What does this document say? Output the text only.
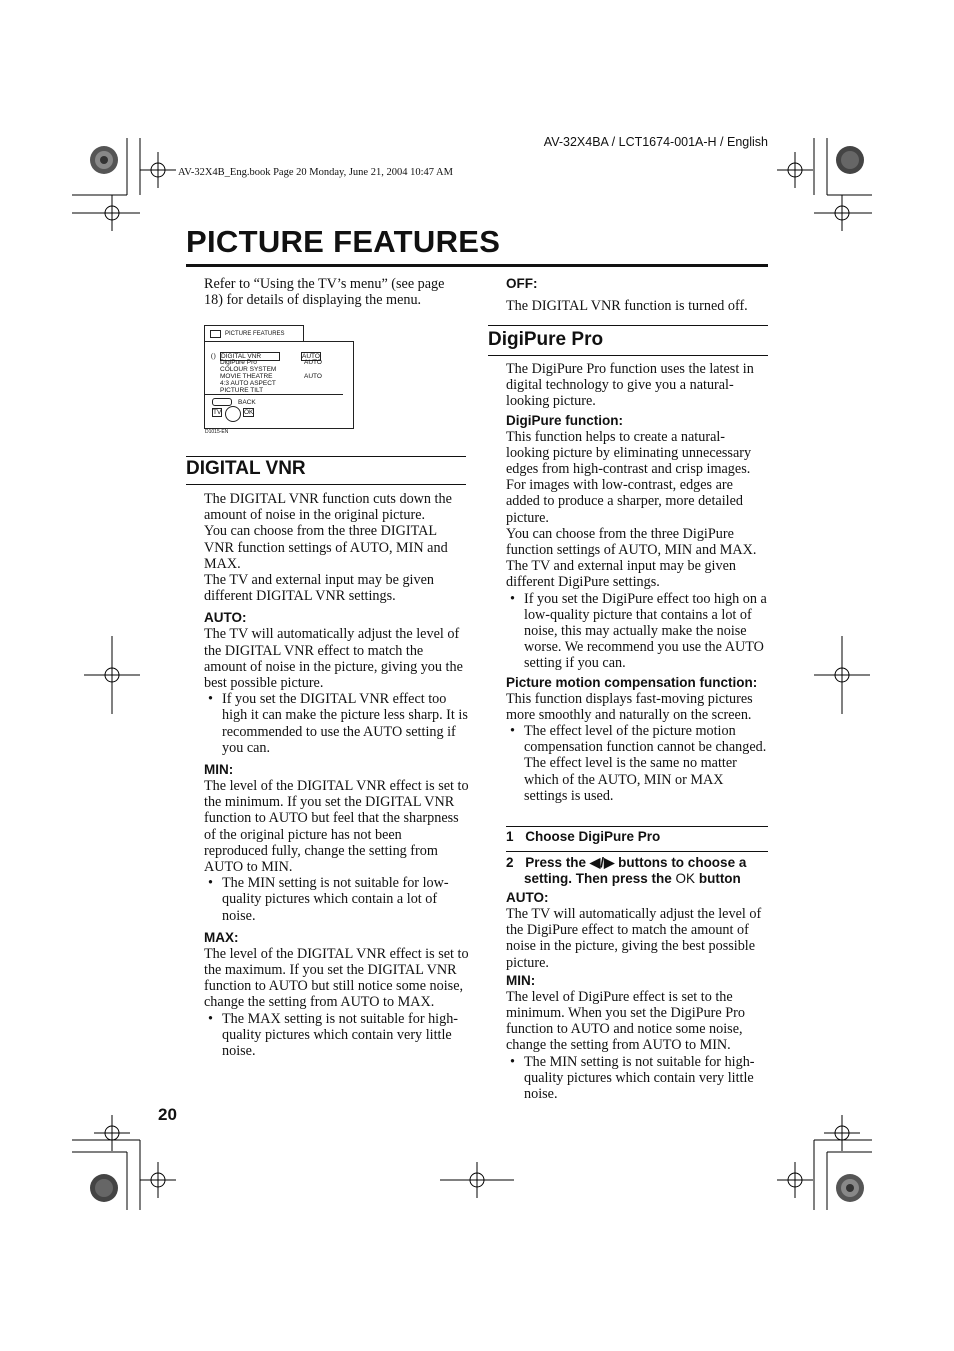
AV-32X4BA / LCT1674-001A-H / English
AV-32X4B_Eng.book Page 20 Monday, June 21, 2004 10:47 AM
PICTURE FEATURES
Refer to “Using the TV’s menu” (see page 18) for details of displaying the menu.
PICTURE FEATURES
() DIGITAL VNR
DigiPure Pro
COLOUR SYSTEM
MOVIE THEATRE
4:3 AUTO ASPECT
PICTURE TILT
AUTO
AUTO
AUTO
BACK
TV	OK
D1015-EN
DIGITAL VNR
The DIGITAL VNR function cuts down the amount of noise in the original picture.
You can choose from the three DIGITAL VNR function settings of AUTO, MIN and MAX.
The TV and external input may be given different DIGITAL VNR settings.
AUTO:
The TV will automatically adjust the level of the DIGITAL VNR effect to match the amount of noise in the picture, giving you the best possible picture.
• If you set the DIGITAL VNR effect too high it can make the picture less sharp. It is recommended to use the AUTO setting if you can.
MIN:
The level of the DIGITAL VNR effect is set to the minimum. If you set the DIGITAL VNR function to AUTO but feel that the sharpness of the original picture has not been reproduced fully, change the setting from AUTO to MIN.
• The MIN setting is not suitable for low-quality pictures which contain a lot of noise.
MAX:
The level of the DIGITAL VNR effect is set to the maximum. If you set the DIGITAL VNR function to AUTO but still notice some noise, change the setting from AUTO to MAX.
• The MAX setting is not suitable for high-quality pictures which contain very little noise.
OFF:
The DIGITAL VNR function is turned off.
DigiPure Pro
The DigiPure Pro function uses the latest in digital technology to give you a natural-looking picture.
DigiPure function:
This function helps to create a natural-looking picture by eliminating unnecessary edges from high-contrast and crisp images. For images with low-contrast, edges are added to produce a sharper, more detailed picture.
You can choose from the three DigiPure function settings of AUTO, MIN and MAX.
The TV and external input may be given different DigiPure settings.
• If you set the DigiPure effect too high on a low-quality picture that contains a lot of noise, this may actually make the noise worse. We recommend you use the AUTO setting if you can.
Picture motion compensation function:
This function displays fast-moving pictures more smoothly and naturally on the screen.
• The effect level of the picture motion compensation function cannot be changed. The effect level is the same no matter which of the AUTO, MIN or MAX settings is used.
1 Choose DigiPure Pro
2 Press the ◀/▶ buttons to choose a
setting. Then press the OK button
AUTO:
The TV will automatically adjust the level of the DigiPure effect to match the amount of noise in the picture, giving the best possible picture.
MIN:
The level of DigiPure effect is set to the minimum. When you set the DigiPure Pro function to AUTO and notice some noise, change the setting from AUTO to MIN.
• The MIN setting is not suitable for high-quality pictures which contain very little noise.
20
